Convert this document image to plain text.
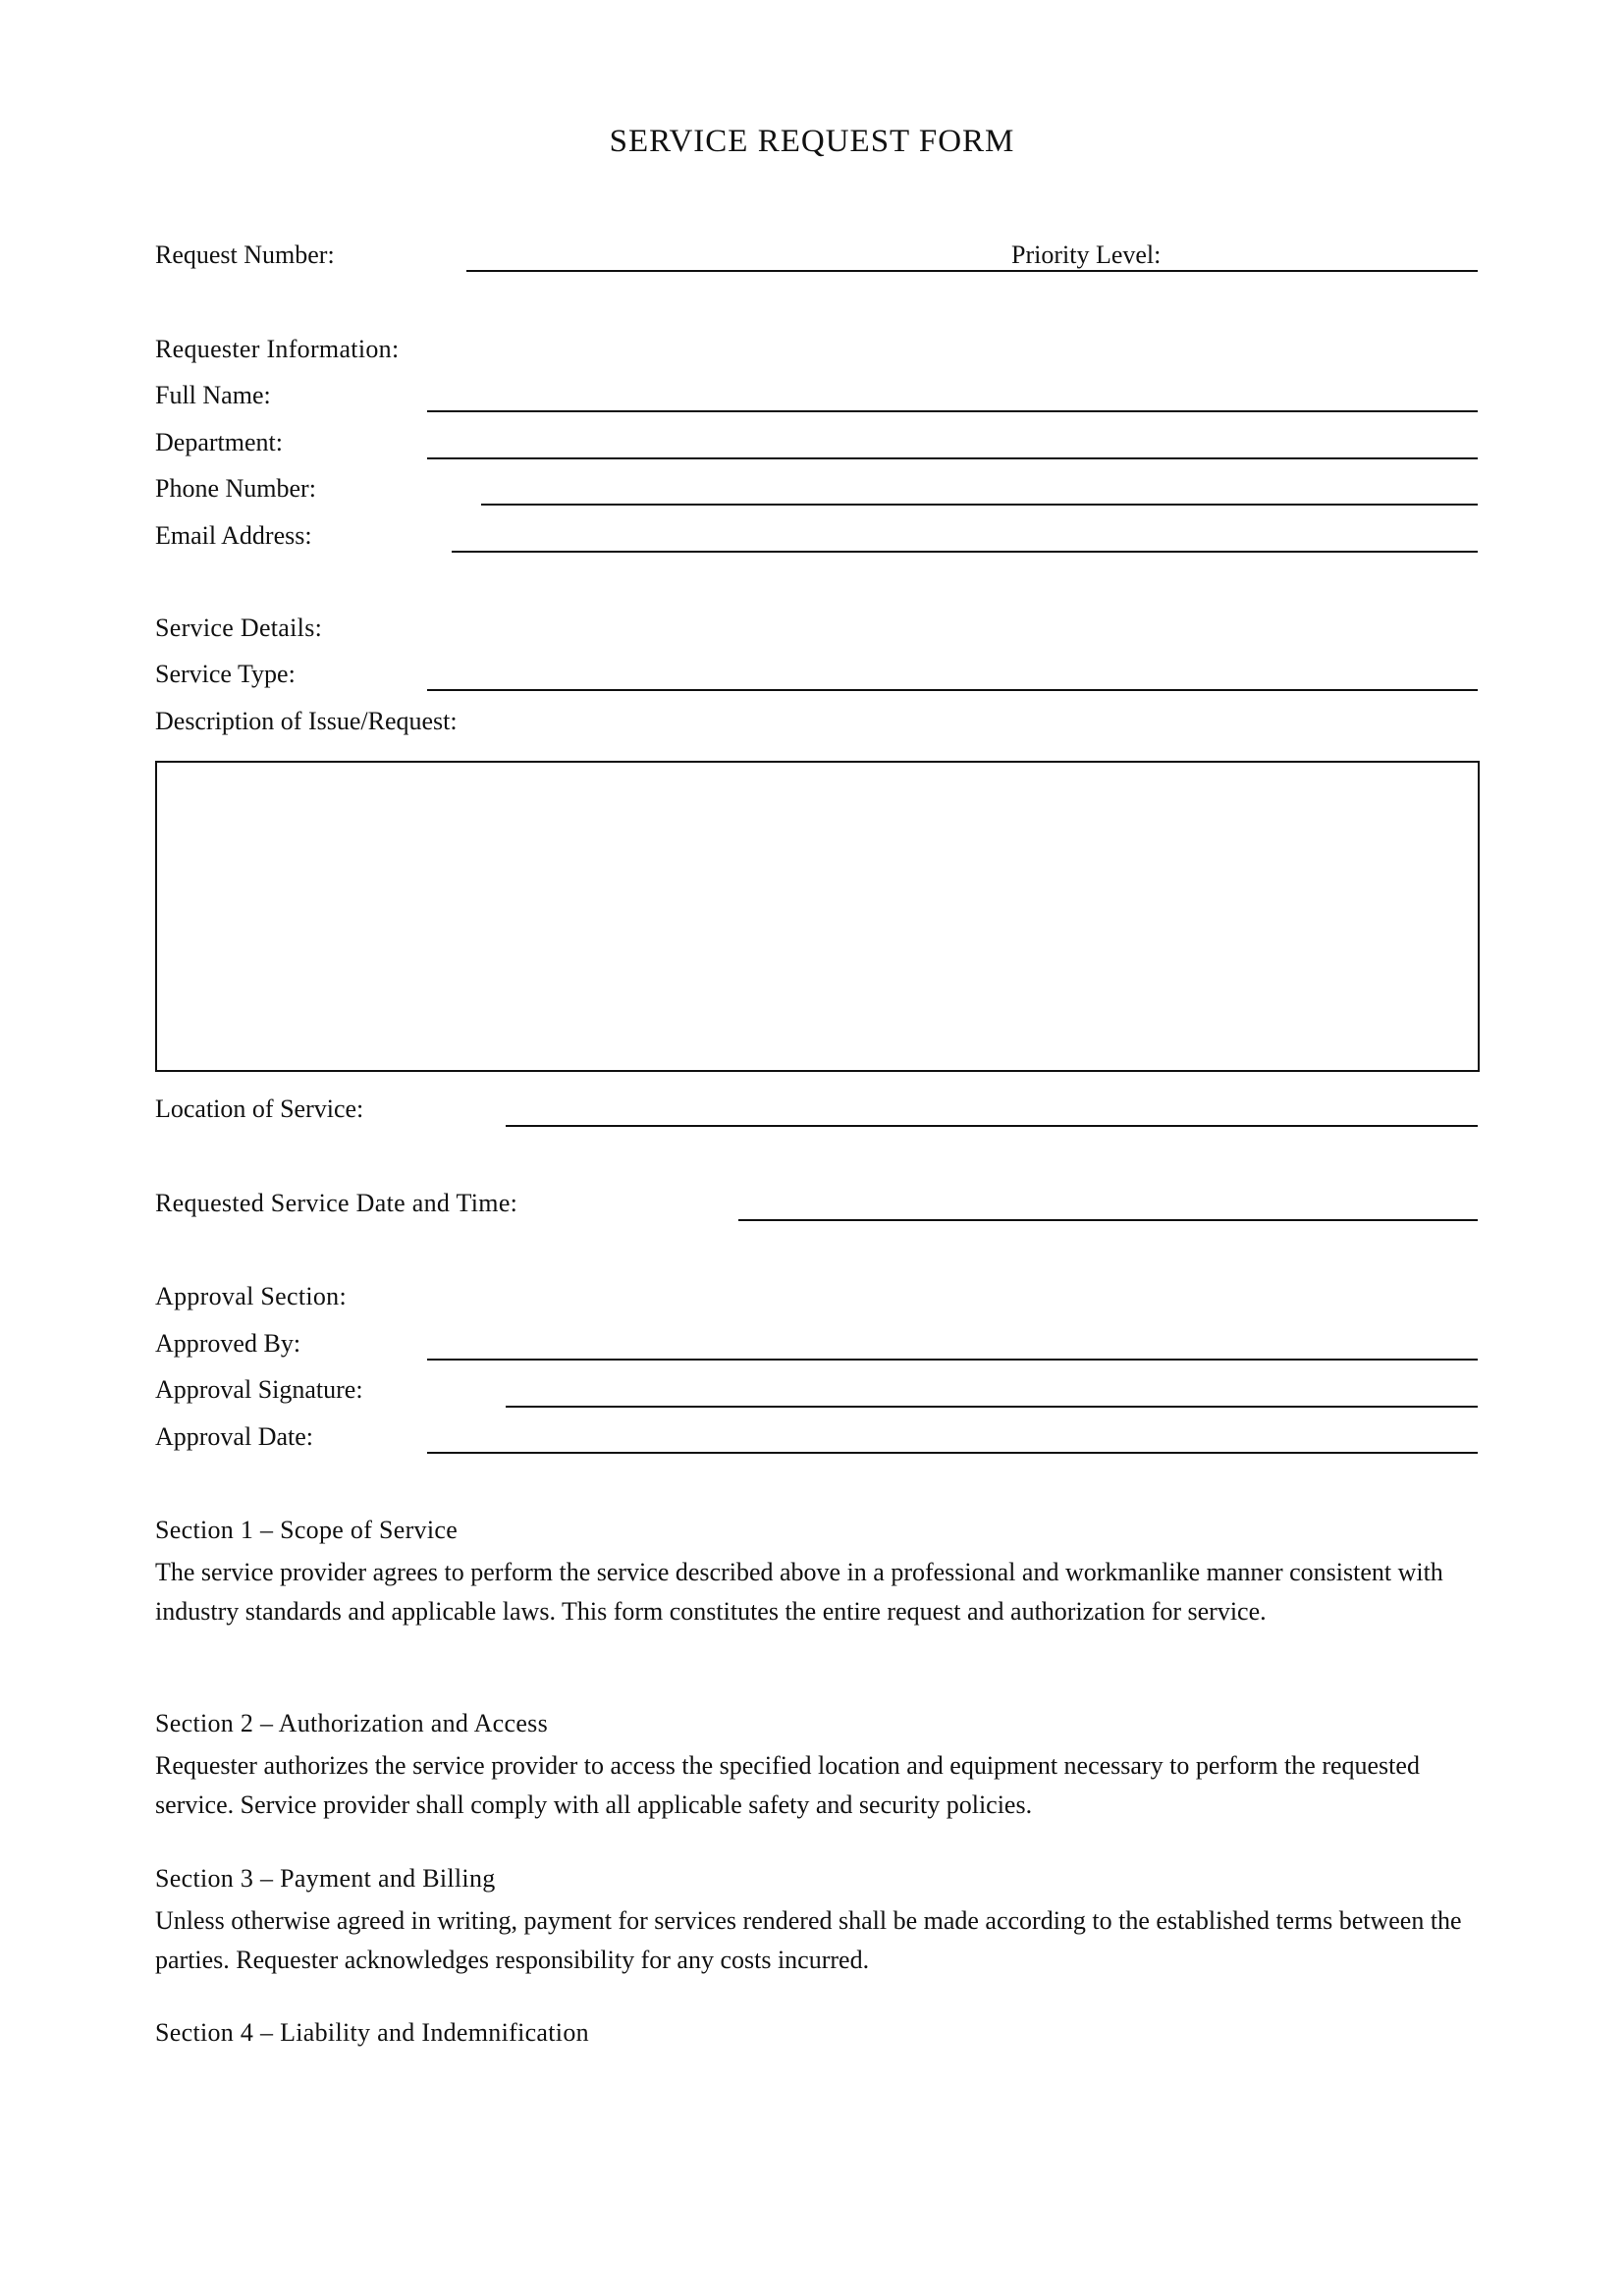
SERVICE REQUEST FORM
Request Number:	Priority Level:
Requester Information:
Full Name:
Department:
Phone Number:
Email Address:
Service Details:
Service Type:
Description of Issue/Request:
Location of Service:
Requested Service Date and Time:
Approval Section:
Approved By:
Approval Signature:
Approval Date:
Section 1 – Scope of Service
The service provider agrees to perform the service described above in a professional and workmanlike manner consistent with industry standards and applicable laws. This form constitutes the entire request and authorization for service.
Section 2 – Authorization and Access
Requester authorizes the service provider to access the specified location and equipment necessary to perform the requested service. Service provider shall comply with all applicable safety and security policies.
Section 3 – Payment and Billing
Unless otherwise agreed in writing, payment for services rendered shall be made according to the established terms between the parties. Requester acknowledges responsibility for any costs incurred.
Section 4 – Liability and Indemnification
